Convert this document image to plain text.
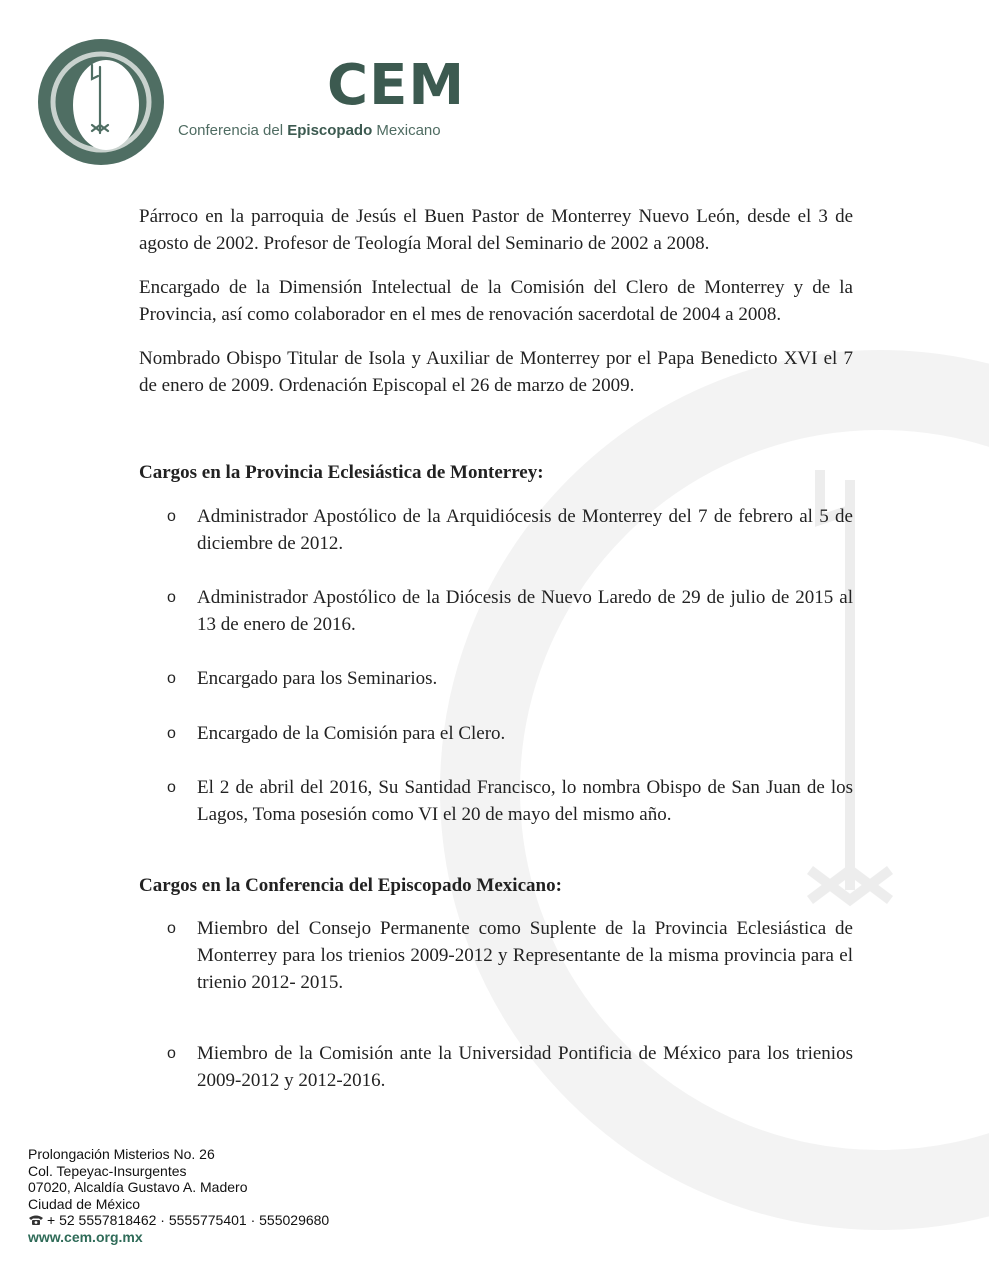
CEM
Conferencia del Episcopado Mexicano

Párroco en la parroquia de Jesús el Buen Pastor de Monterrey Nuevo León, desde el 3 de agosto de 2002. Profesor de Teología Moral del Seminario de 2002 a 2008.

Encargado de la Dimensión Intelectual de la Comisión del Clero de Monterrey y de la Provincia, así como colaborador en el mes de renovación sacerdotal de 2004 a 2008.

Nombrado Obispo Titular de Isola y Auxiliar de Monterrey por el Papa Benedicto XVI el 7 de enero de 2009. Ordenación Episcopal el 26 de marzo de 2009.

Cargos en la Provincia Eclesiástica de Monterrey:
o Administrador Apostólico de la Arquidiócesis de Monterrey del 7 de febrero al 5 de diciembre de 2012.
o Administrador Apostólico de la Diócesis de Nuevo Laredo de 29 de julio de 2015 al 13 de enero de 2016.
o Encargado para los Seminarios.
o Encargado de la Comisión para el Clero.
o El 2 de abril del 2016, Su Santidad Francisco, lo nombra Obispo de San Juan de los Lagos, Toma posesión como VI el 20 de mayo del mismo año.
Cargos en la Conferencia del Episcopado Mexicano:
o Miembro del Consejo Permanente como Suplente de la Provincia Eclesiástica de Monterrey para los trienios 2009-2012 y Representante de la misma provincia para el trienio 2012- 2015.
o Miembro de la Comisión ante la Universidad Pontificia de México para los trienios 2009-2012 y 2012-2016.
Prolongación Misterios No. 26
Col. Tepeyac-Insurgentes
07020, Alcaldía Gustavo A. Madero
Ciudad de México
+ 52 5557818462 · 5555775401 · 555029680
www.cem.org.mx
